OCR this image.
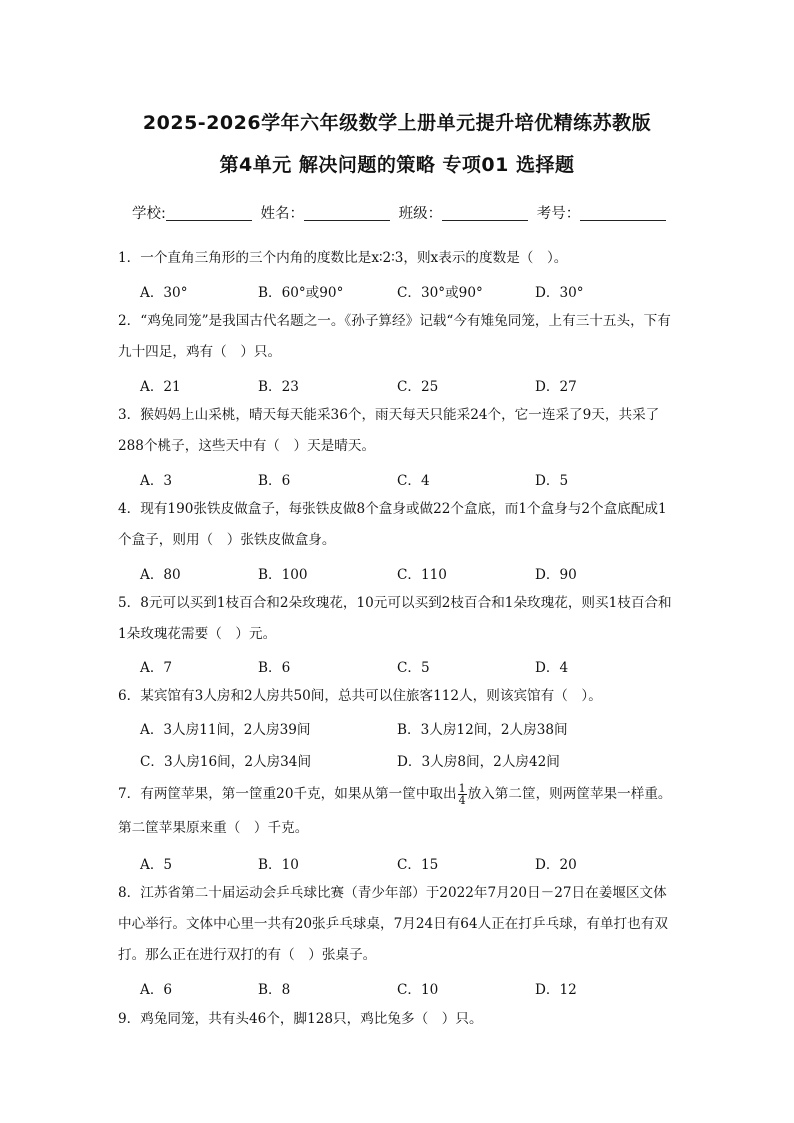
2025-2026学年六年级数学上册单元提升培优精练苏教版
第4单元 解决问题的策略 专项01 选择题
学校:	姓名：	班级：	考号：
1．一个直角三角形的三个内角的度数比是x∶2∶3，则x表示的度数是（　）。
A．30°	B．60°或90°	C．30°或90°	D．30°
2．“鸡兔同笼”是我国古代名题之一。《孙子算经》记载“今有雉兔同笼，上有三十五头，下有九十四足，鸡有（　）只。
A．21	B．23	C．25	D．27
3．猴妈妈上山采桃，晴天每天能采36个，雨天每天只能采24个，它一连采了9天，共采了288个桃子，这些天中有（　）天是晴天。
A．3	B．6	C．4	D．5
4．现有190张铁皮做盒子，每张铁皮做8个盒身或做22个盒底，而1个盒身与2个盒底配成1个盒子，则用（　）张铁皮做盒身。
A．80	B．100	C．110	D．90
5．8元可以买到1枝百合和2朵玫瑰花，10元可以买到2枝百合和1朵玫瑰花，则买1枝百合和1朵玫瑰花需要（　）元。
A．7	B．6	C．5	D．4
6．某宾馆有3人房和2人房共50间，总共可以住旅客112人，则该宾馆有（　）。
A．3人房11间，2人房39间	B．3人房12间，2人房38间
C．3人房16间，2人房34间	D．3人房8间，2人房42间
7．有两筐苹果，第一筐重20千克，如果从第一筐中取出 $\frac{1}{4}$ 放入第二筐，则两筐苹果一样重。
第二筐苹果原来重（　）千克。
A．5	B．10	C．15	D．20
8．江苏省第二十届运动会乒乓球比赛（青少年部）于2022年7月20日－27日在姜堰区文体中心举行。文体中心里一共有20张乒乓球桌，7月24日有64人正在打乒乓球，有单打也有双打。那么正在进行双打的有（　）张桌子。
A．6	B．8	C．10	D．12
9．鸡兔同笼，共有头46个，脚128只，鸡比兔多（　）只。
